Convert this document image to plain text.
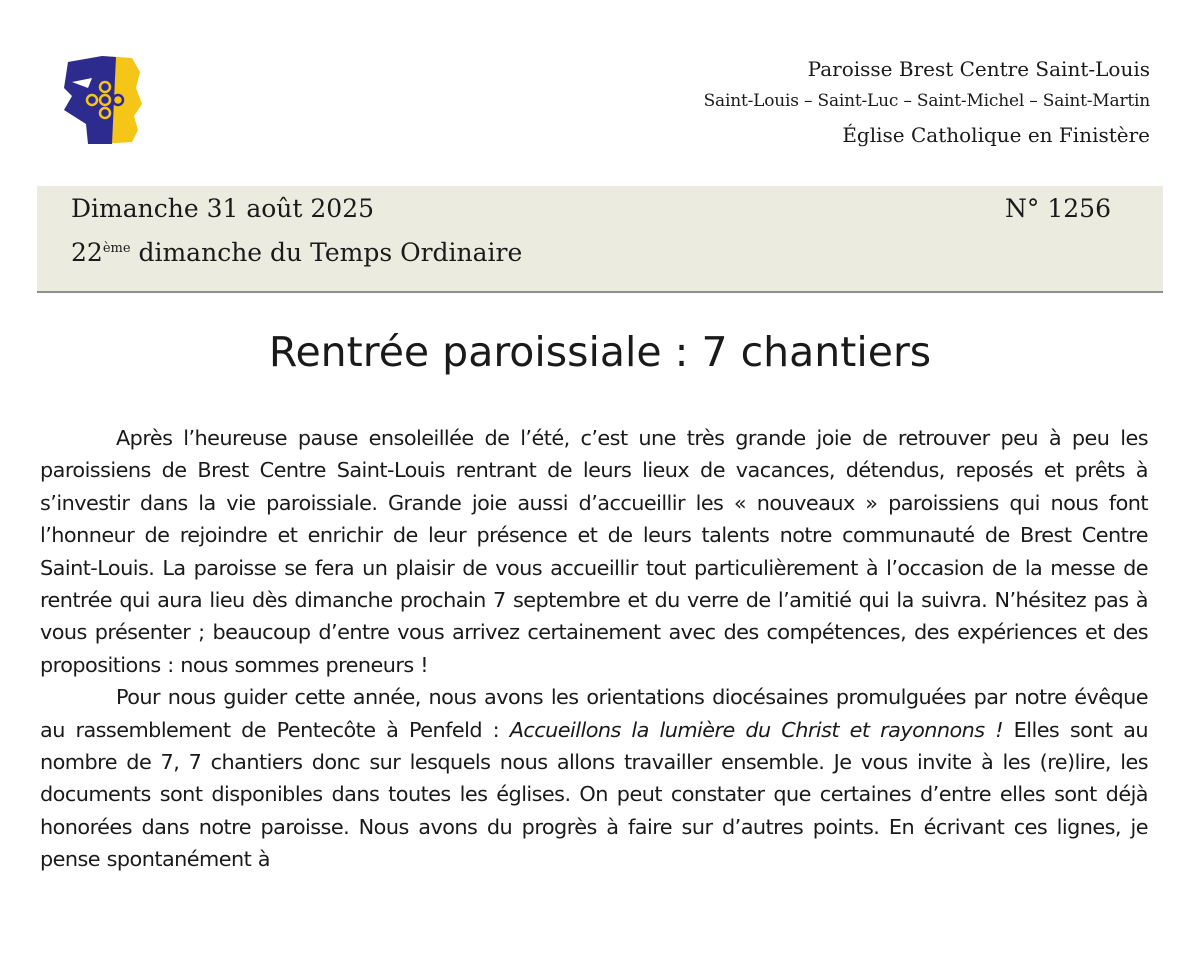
Paroisse Brest Centre Saint-Louis
Saint-Louis – Saint-Luc – Saint-Michel – Saint-Martin
Église Catholique en Finistère
Dimanche 31 août 2025	N° 1256
22ème dimanche du Temps Ordinaire
Rentrée paroissiale : 7 chantiers

Après l’heureuse pause ensoleillée de l’été, c’est une très grande joie de retrouver peu à peu les paroissiens de Brest Centre Saint-Louis rentrant de leurs lieux de vacances, détendus, reposés et prêts à s’investir dans la vie paroissiale. Grande joie aussi d’accueillir les « nouveaux » paroissiens qui nous font l’honneur de rejoindre et enrichir de leur présence et de leurs talents notre communauté de Brest Centre Saint-Louis. La paroisse se fera un plaisir de vous accueillir tout particulièrement à l’occasion de la messe de rentrée qui aura lieu dès dimanche prochain 7 septembre et du verre de l’amitié qui la suivra. N’hésitez pas à vous présenter ; beaucoup d’entre vous arrivez certainement avec des compétences, des expériences et des propositions : nous sommes preneurs !

Pour nous guider cette année, nous avons les orientations diocésaines promulguées par notre évêque au rassemblement de Pentecôte à Penfeld : Accueillons la lumière du Christ et rayonnons ! Elles sont au nombre de 7, 7 chantiers donc sur lesquels nous allons travailler ensemble. Je vous invite à les (re)lire, les documents sont disponibles dans toutes les églises. On peut constater que certaines d’entre elles sont déjà honorées dans notre paroisse. Nous avons du progrès à faire sur d’autres points. En écrivant ces lignes, je pense spontanément à
